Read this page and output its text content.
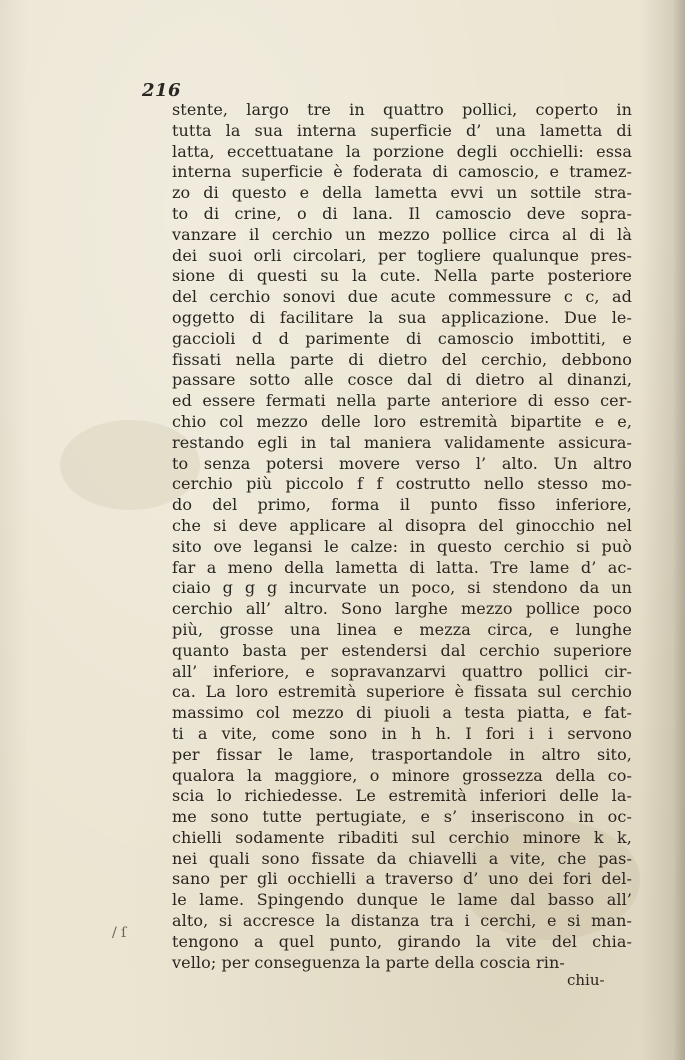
216
stente, largo tre in quattro pollici, coperto in
tutta la sua interna superficie d’ una lametta di
latta, eccettuatane la porzione degli occhielli: essa
interna superficie è foderata di camoscio, e tramez-
zo di questo e della lametta evvi un sottile stra-
to di crine, o di lana. Il camoscio deve sopra-
vanzare il cerchio un mezzo pollice circa al di là
dei suoi orli circolari, per togliere qualunque pres-
sione di questi su la cute. Nella parte posteriore
del cerchio sonovi due acute commessure c c, ad
oggetto di facilitare la sua applicazione. Due le-
gaccioli d d parimente di camoscio imbottiti, e
fissati nella parte di dietro del cerchio, debbono
passare sotto alle cosce dal di dietro al dinanzi,
ed essere fermati nella parte anteriore di esso cer-
chio col mezzo delle loro estremità bipartite e e,
restando egli in tal maniera validamente assicura-
to senza potersi movere verso l’ alto. Un altro
cerchio più piccolo f f costrutto nello stesso mo-
do del primo, forma il punto fisso inferiore,
che si deve applicare al disopra del ginocchio nel
sito ove legansi le calze: in questo cerchio si può
far a meno della lametta di latta. Tre lame d’ ac-
ciaio g g g incurvate un poco, si stendono da un
cerchio all’ altro. Sono larghe mezzo pollice poco
più, grosse una linea e mezza circa, e lunghe
quanto basta per estendersi dal cerchio superiore
all’ inferiore, e sopravanzarvi quattro pollici cir-
ca. La loro estremità superiore è fissata sul cerchio
massimo col mezzo di piuoli a testa piatta, e fat-
ti a vite, come sono in h h. I fori i i servono
per fissar le lame, trasportandole in altro sito,
qualora la maggiore, o minore grossezza della co-
scia lo richiedesse. Le estremità inferiori delle la-
me sono tutte pertugiate, e s’ inseriscono in oc-
chielli sodamente ribaditi sul cerchio minore k k,
nei quali sono fissate da chiavelli a vite, che pas-
sano per gli occhielli a traverso d’ uno dei fori del-
le lame. Spingendo dunque le lame dal basso all’
alto, si accresce la distanza tra i cerchi, e si man-
tengono a quel punto, girando la vite del chia-
vello; per conseguenza la parte della coscia rin-
/ ſ
chiu-
